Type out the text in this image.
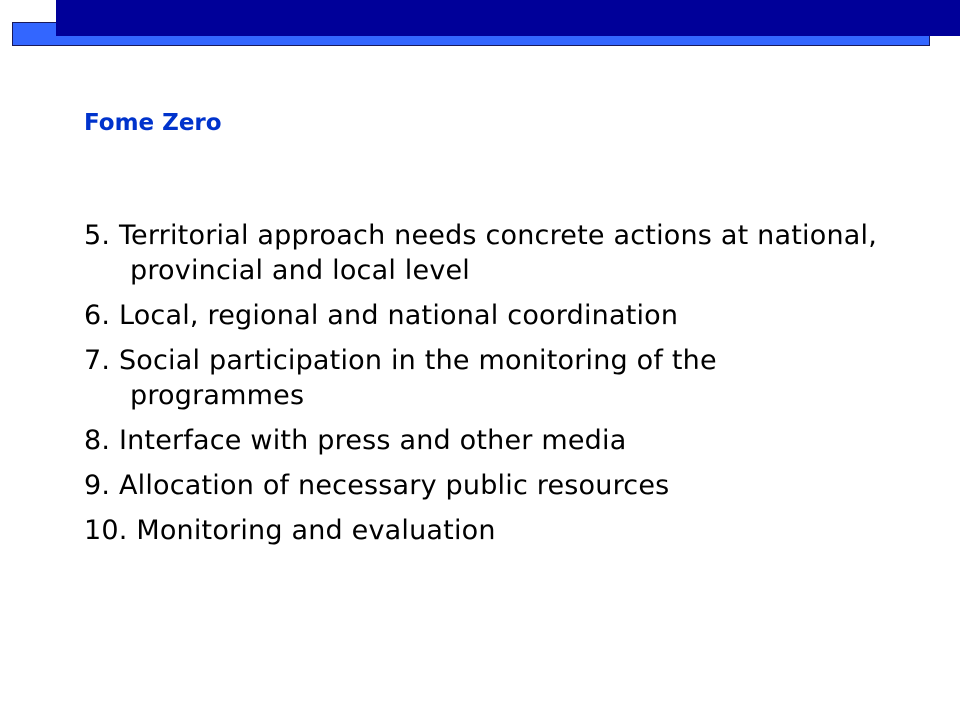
Fome Zero
5. Territorial approach needs concrete actions at national, provincial and local level
6. Local, regional and national coordination
7. Social participation in the monitoring of the programmes
8. Interface with press and other media
9. Allocation of necessary public resources
10. Monitoring and evaluation
